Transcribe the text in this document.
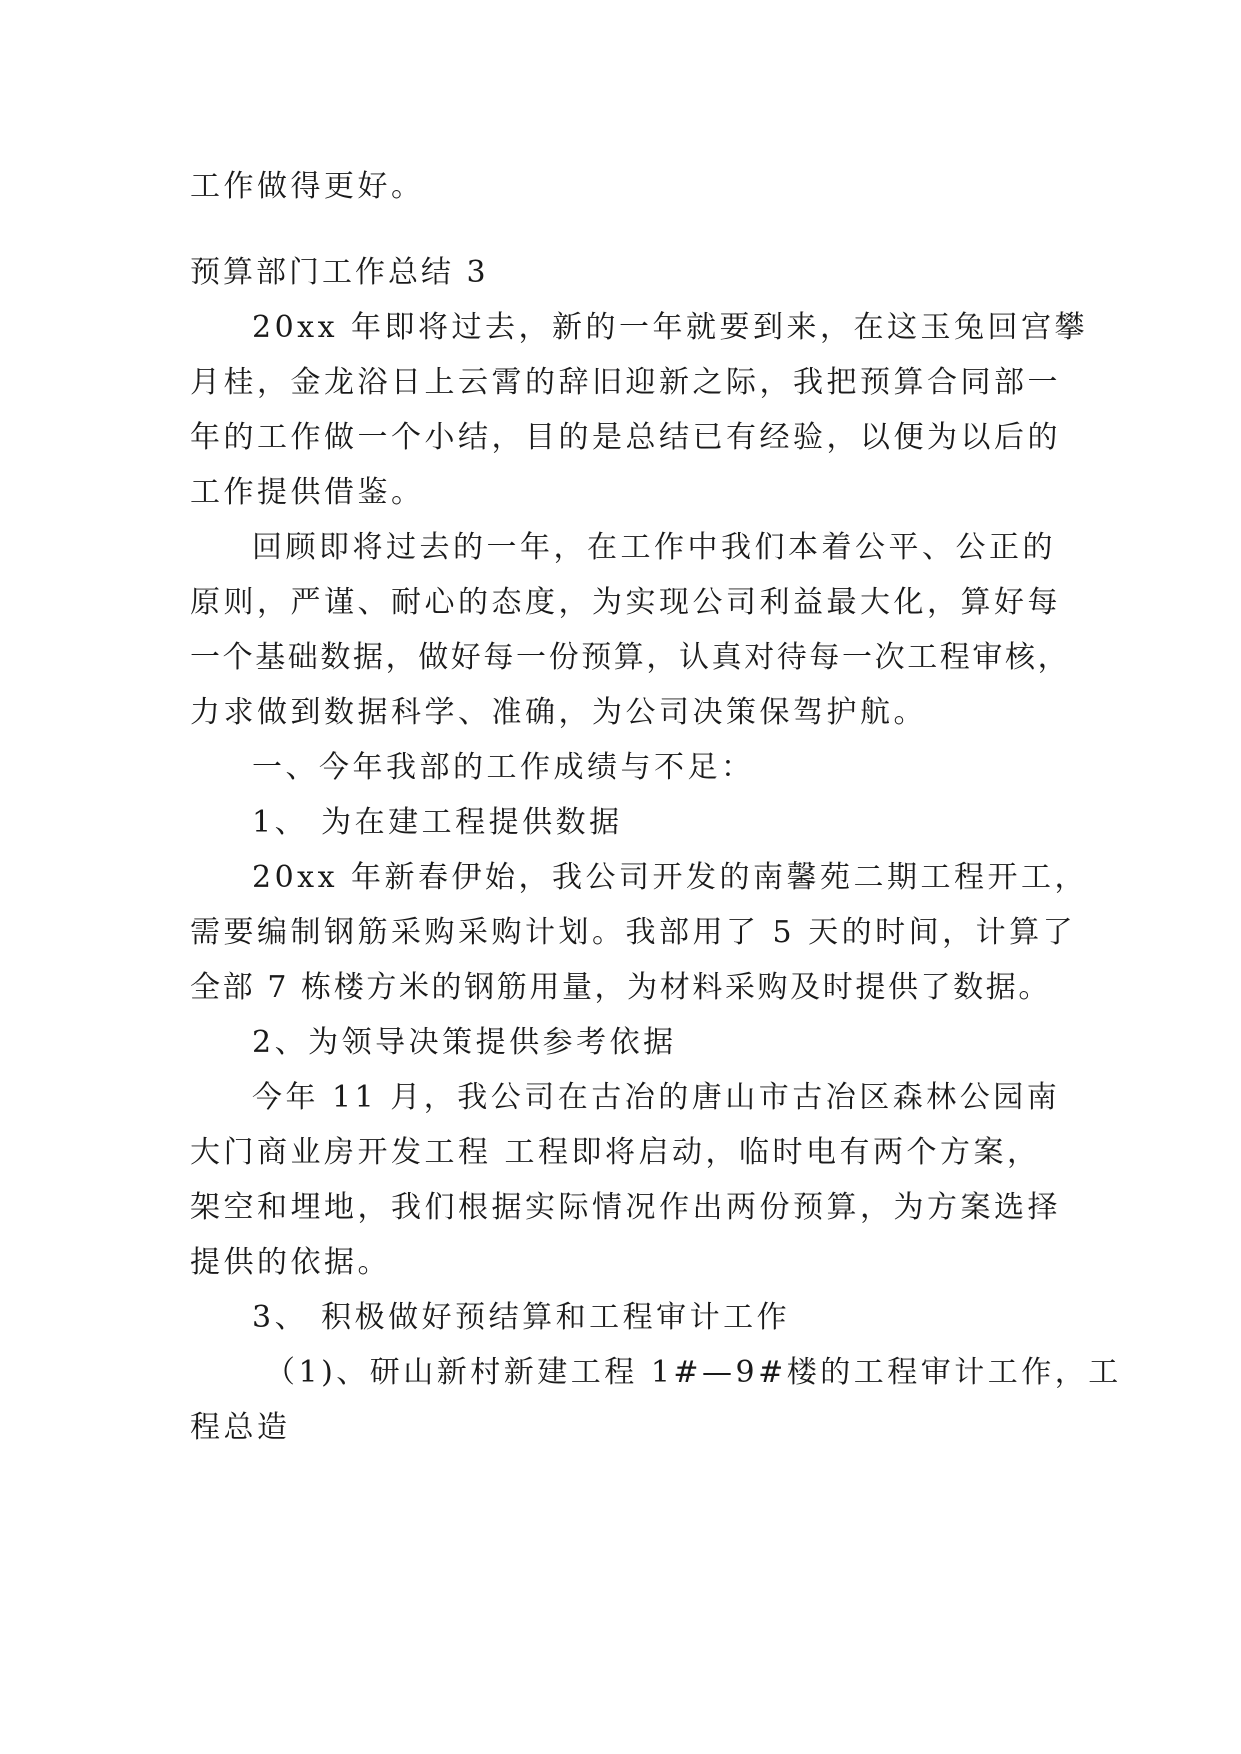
工作做得更好。
预算部门工作总结 3
20xx 年即将过去，新的一年就要到来，在这玉兔回宫攀
月桂，金龙浴日上云霄的辞旧迎新之际，我把预算合同部一
年的工作做一个小结，目的是总结已有经验，以便为以后的
工作提供借鉴。
回顾即将过去的一年，在工作中我们本着公平、公正的
原则，严谨、耐心的态度，为实现公司利益最大化，算好每
一个基础数据，做好每一份预算，认真对待每一次工程审核，
力求做到数据科学、准确，为公司决策保驾护航。
一、今年我部的工作成绩与不足：
1、 为在建工程提供数据
20xx 年新春伊始，我公司开发的南馨苑二期工程开工，
需要编制钢筋采购采购计划。我部用了 5 天的时间，计算了
全部 7 栋楼方米的钢筋用量，为材料采购及时提供了数据。
2、为领导决策提供参考依据
今年 11 月，我公司在古冶的唐山市古冶区森林公园南
大门商业房开发工程 工程即将启动，临时电有两个方案，
架空和埋地，我们根据实际情况作出两份预算，为方案选择
提供的依据。
3、 积极做好预结算和工程审计工作
（1)、研山新村新建工程 1#—9#楼的工程审计工作，工
程总造
